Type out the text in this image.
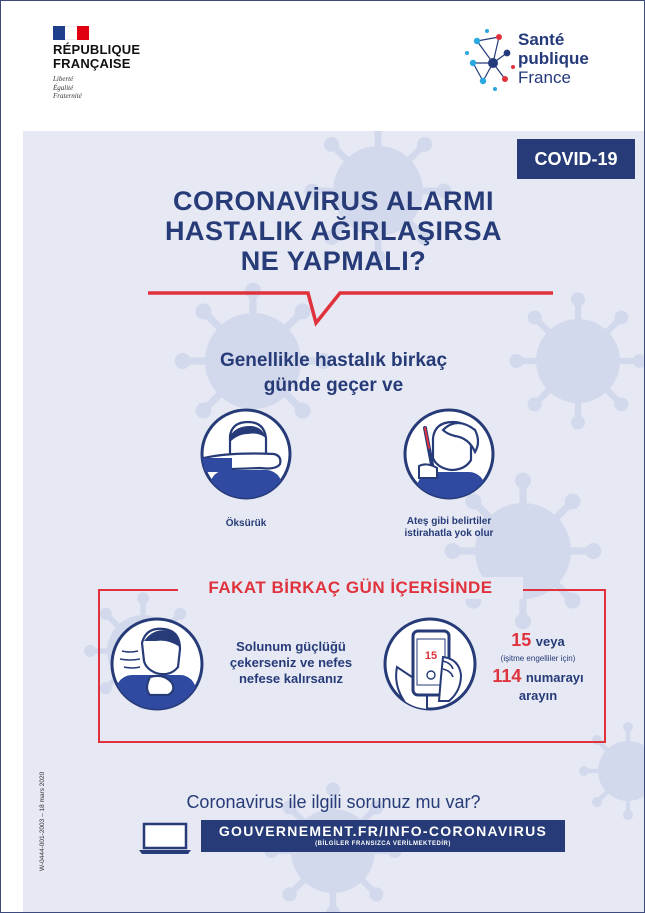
RÉPUBLIQUE
FRANÇAISE
Liberté
Égalité
Fraternité
Santé
publique
France
COVID-19
CORONAVİRUS ALARMI
HASTALIK AĞIRLAŞIRSA
NE YAPMALI?
Genellikle hastalık birkaç
günde geçer ve
Öksürük	Ateş gibi belirtiler
istirahatla yok olur
FAKAT BİRKAÇ GÜN İÇERİSİNDE
Solunum güçlüğü
çekerseniz ve nefes
nefese kalırsanız
15
15 veya
(işitme engelliler için)
114 numarayı
arayın
Coronavirus ile ilgili sorunuz mu var?
GOUVERNEMENT.FR/INFO-CORONAVIRUS
(BİLGİLER FRANSIZCA VERİLMEKTEDİR)
W-0444-001-2003 – 18 mars 2020
